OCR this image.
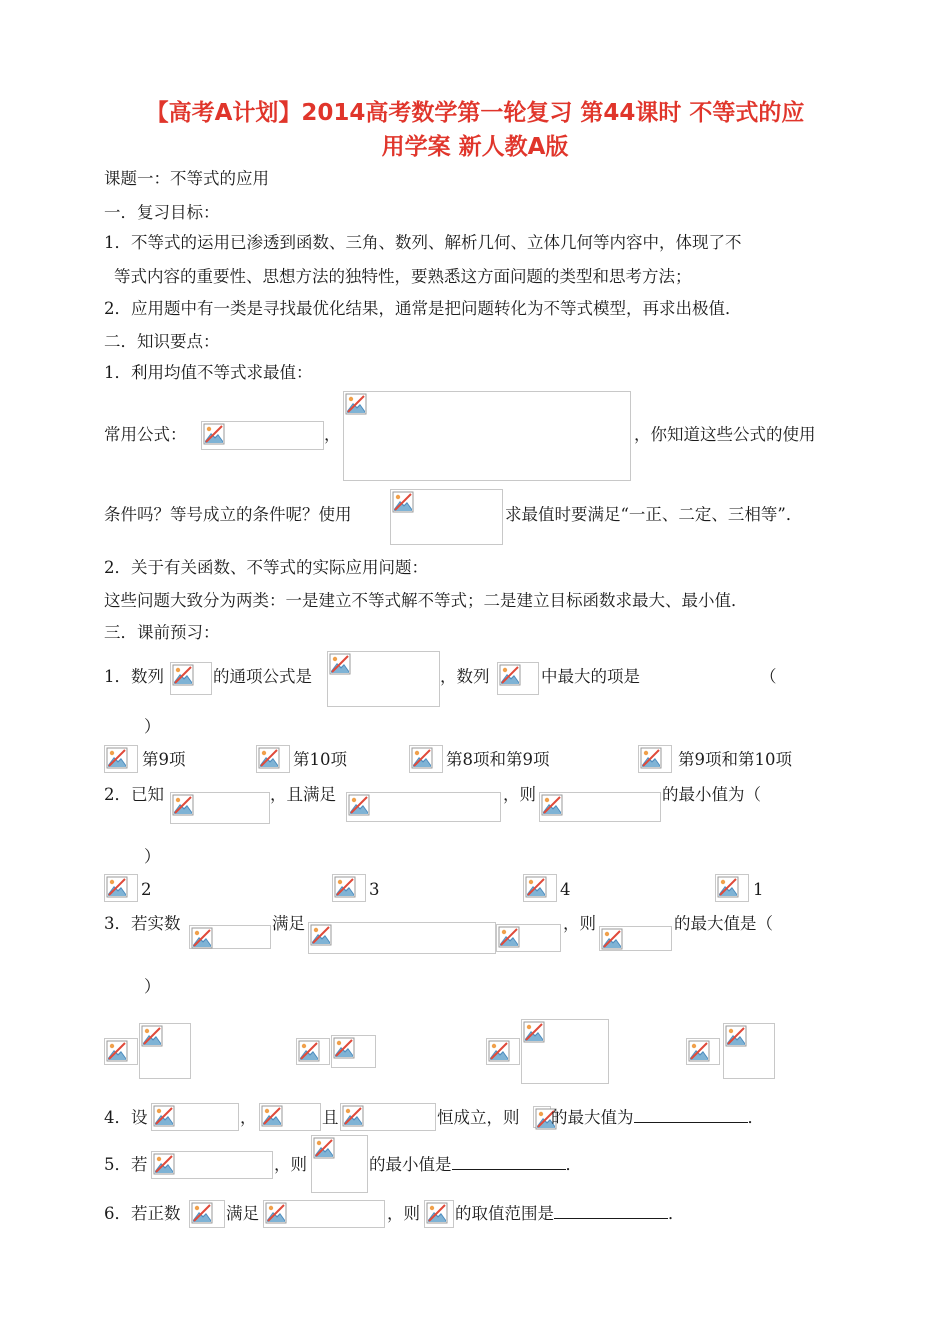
【高考A计划】2014高考数学第一轮复习 第44课时 不等式的应
用学案 新人教A版
课题一：不等式的应用
一．复习目标：
1．不等式的运用已渗透到函数、三角、数列、解析几何、立体几何等内容中，体现了不
等式内容的重要性、思想方法的独特性，要熟悉这方面问题的类型和思考方法；
2．应用题中有一类是寻找最优化结果，通常是把问题转化为不等式模型，再求出极值．
二．知识要点：
1．利用均值不等式求最值：
常用公式：	，	，你知道这些公式的使用
条件吗？等号成立的条件呢？使用	求最值时要满足“一正、二定、三相等”．
2．关于有关函数、不等式的实际应用问题：
这些问题大致分为两类：一是建立不等式解不等式；二是建立目标函数求最大、最小值．
三．课前预习：
1．数列	的通项公式是	，数列	中最大的项是	（
）
第9项	第10项	第8项和第9项	第9项和第10项
2．已知	，且满足	，则	的最小值为（
）
2	3	4	1
3．若实数	满足	，则	的最大值是（
）
4．设	，	且	恒成立，则 的最大值为	．
5．若	，则	的最小值是	．
6．若正数	满足	，则 的取值范围是	．
